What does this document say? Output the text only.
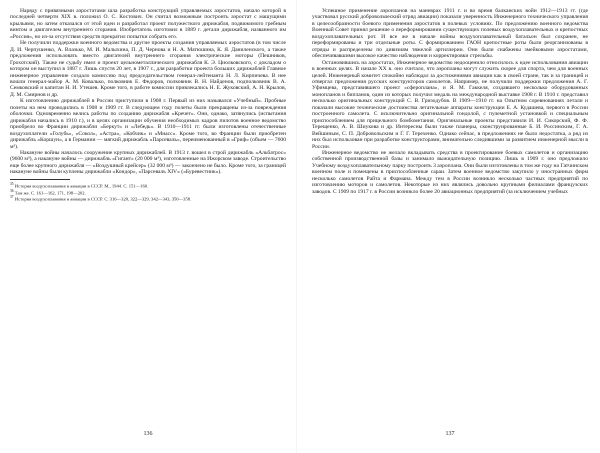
Наряду с привязными аэростатами шла разработка конструкций управляемых аэростатов, начало которой в последней четверти XIX в. положил О. С. Костович. Он считал возможным построить аэростат с машущими крыльями, но затем отказался от этой идеи и разработал проект полужесткого дирижабля, подвижимого гребным винтом и двигателем внутреннего сгорания. Изобретатель изготовил в 1889 г. детали дирижабля, названного им «Россия», но из-за отсутствия средств прекратил попытки собрать его.

Не получили поддержки военного ведомства и другие проекты создания управляемых аэростатов (в том числе Д. И. Черпушенко, А. Влазько, М. И. Малыхина, П. Д. Чернова и Н. А. Матюшина, К. Я. Даниленского, а также предложения использовать вместо двигателей внутреннего сгорания электрические моторы (Пешников, Грохотский). Также не судьбу имел и проект цельнометаллического дирижабля К. Э. Циолковского, с докладом о котором он выступил в 1887 г. Лишь спустя 20 лет, в 1907 г., для разработки проекта больших дирижаблей Главное инженерное управление создало комиссию под председательством генерал-лейтенанта Н. Л. Кирпичева. В нее вошли генерал-майор А. М. Ковалько, полковник Е. Федоров, полковник В. Н. Найденов, подполковник В. А. Семковский и капитан Н. И. Утешев. Кроме того, в работе комиссии привлекались Н. Е. Жуковский, А. Н. Крылов, Д. М. Смирнов и др.

К изготовлению дирижаблей в России приступили в 1908 г. Первый из них назывался «Учебный». Пробные полеты на нем проводились в 1908 и 1909 гг. В следующем году полеты были прекращены из-за повреждения оболочки. Одновременно велись работы по созданию дирижабля «Кречет». Они, однако, затянулись (испытания дирижабля начались в 1910 г.), и в целях организации обучения необходимых кадров пилотов военное ведомство приобрело во Франции дирижабли «Беркут» и «Лебедь». В 1910—1911 гг. были изготовлены отечественные воздухоплатели «Голубь», «Сокол», «Астра», «Кобчик» и «Миасс». Кроме того, во Франции были приобретен дирижабль «Коршун», а в Германии — мягкий дирижабль «Парсеваль», переименованный в «Гриф» (объем — 7600 м³).

Накануне войны началось сооружение крупных дирижаблей. В 1913 г. вошел в строй дирижабль «Альбатрос» (9600 м³), а накануне войны — дирижабль «Гигант» (20 000 м³), изготовленные на Ижорском заводе. Строительство еще более крупного дирижабля — «Воздушный крейсер» (32 000 м³) — закончено не было. Кроме того, за границей накануне войны были куплены дирижабли «Кондор», «Парсеваль XIV» («Буревестник»).

$^{35}$ История воздухоплавания и авиации в СССР. М., 1944. С. 151—160.
$^{36}$ Там же. С. 161—162, 171, 198—202.
$^{37}$ История воздухоплавания и авиации в СССР. С. 316—320, 322—329, 342—343, 350—358.
136

Успешное применение аэропланов на маневрах 1911 г. и во время балканских войн 1912—1913 гг. (где участвовал русский добровольческий отряд авиации) показали уверенность Инженерного технического управления в целесообразности боевого применения аэростатов в полевых условиях. По предложению военного ведомства Военный Совет принял решение о переформировании существующих полевых воздухоплавательных и крепостных воздухоплавательных рот. И все же в начале войны воздухоплавательный батальон был сохранен, не переформированы и три отдельные роты. С формированием ГАОН крепостные роты были реорганизованы в отряды и распределены по дивизиям тяжелой артиллерии. Они были снабжены змейковыми аэростатами, обеспечивавшими высокое качество наблюдения и корректировки стрельбы.

Остановившись на аэростатах, Инженерное ведомство недооценило относилось к идее использования авиации в военных целях. В начале XX в. оно считало, что аэропланы могут служить скорее для спорта, чем для военных целей. Инженерный комитет спокойно наблюдал за достижениями авиации как в своей стране, так и за границей и отвергал предложения русских конструкторов самолетов. Например, не получили поддержки предложения А. Г. Уфимцева, представившего проект «сферопланa», и Я. М. Гаккеля, создавшего несколько оборудованных монопланов и бипланов, один из которых получил медаль на международной выставке 1908 г. В 1910 г. представил несколько оригинальных конструкций С. В. Гризодубов. В 1909—1910 гг. на Опытном соревнованиях летали и показали высокие технические достоинства летательные аппараты конструкции Е. А. Кудашева, первого в России построенного самолета. С исключительно оригинальной гондолой, с пулеметной установкой и специальным приспособлением для прицельного бомбометания. Оригинальные проекты представили И. И. Сикорский, Ф. Ф. Терещенко, А. В. Шиукова и др. Интересны были также планеры, сконструированные Б. И. Россинским, Г. А. Вейшиным, С. П. Добровольским и Г. Г. Терехенко. Однако сейчас, в предложениях не было недостатка, а ряд из них был использован при разработке конструкторами, внимательно следившими за развитием инженерной мысли в России.

Инженерное ведомство не желало вкладывать средства в проектирование боевых самолетов и организацию собственной производственной базы и занимало выжидательную позицию. Лишь в 1909 г. оно предложило Учебному воздухоплавательному парку построить 3 аэроплана. Они были изготовлены в том же году на Гатчинском военном поле и помещены в приспособленные сараи. Затем военное ведомство закупило у иностранных фирм несколько самолетов Райта и Фармана. Между тем в России возникло несколько частных предприятий по изготовлению моторов и самолетов. Некоторые из них являлись довольно крупными филиалами французских заводов. С 1909 по 1917 г. в России возникло более 20 авиационных предприятий (за исключением учебных

137
